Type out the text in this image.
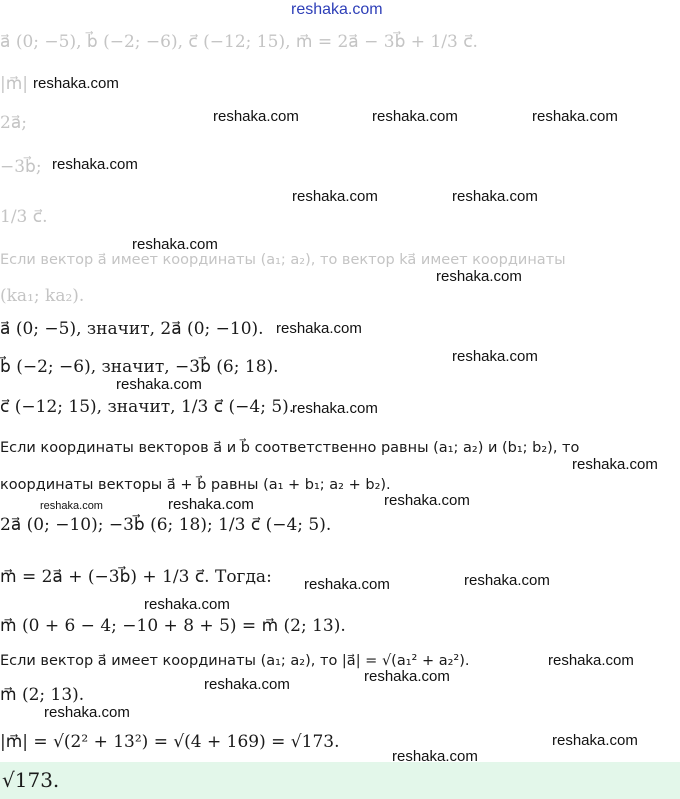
reshaka.com
a⃗ (0; −5), b⃗ (−2; −6), c⃗ (−12; 15), m⃗ = 2a⃗ − 3b⃗ + 1/3 c⃗.
|m⃗|
2a⃗;
−3b⃗;
1/3 c⃗.
Если вектор a⃗ имеет координаты (a₁; a₂), то вектор ka⃗ имеет координаты
(ka₁; ka₂).
a⃗ (0; −5), значит, 2a⃗ (0; −10).
b⃗ (−2; −6), значит, −3b⃗ (6; 18).
c⃗ (−12; 15), значит, 1/3 c⃗ (−4; 5).
Если координаты векторов a⃗ и b⃗ соответственно равны (a₁; a₂) и (b₁; b₂), то
координаты векторы a⃗ + b⃗ равны (a₁ + b₁; a₂ + b₂).
2a⃗ (0; −10); −3b⃗ (6; 18); 1/3 c⃗ (−4; 5).
m⃗ = 2a⃗ + (−3b⃗) + 1/3 c⃗. Тогда:
m⃗ (0 + 6 − 4; −10 + 8 + 5) = m⃗ (2; 13).
Если вектор a⃗ имеет координаты (a₁; a₂), то |a⃗| = √(a₁² + a₂²).
m⃗ (2; 13).
|m⃗| = √(2² + 13²) = √(4 + 169) = √173.
√173.
reshaka.com
reshaka.com	reshaka.com	reshaka.com
reshaka.com
reshaka.com	reshaka.com
reshaka.com
reshaka.com
reshaka.com
reshaka.com
reshaka.com
reshaka.com
reshaka.com
reshaka.com	reshaka.com	reshaka.com
reshaka.com	reshaka.com
reshaka.com
reshaka.com
reshaka.com
reshaka.com
reshaka.com
reshaka.com
reshaka.com
